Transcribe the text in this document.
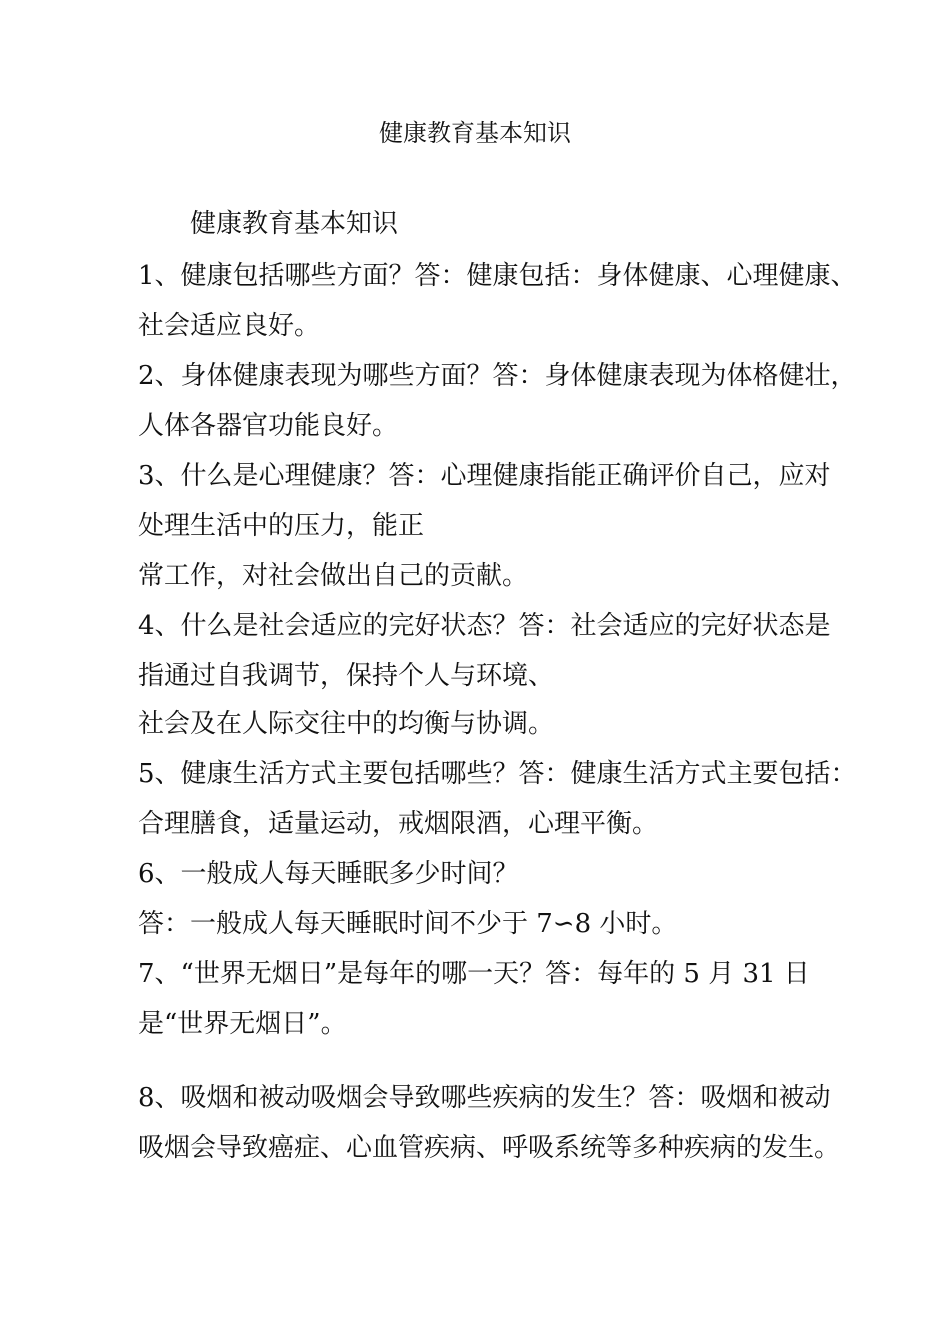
健康教育基本知识
健康教育基本知识
1、健康包括哪些方面？答：健康包括：身体健康、心理健康、
社会适应良好。
2、身体健康表现为哪些方面？答：身体健康表现为体格健壮，
人体各器官功能良好。
3、什么是心理健康？答：心理健康指能正确评价自己，应对
处理生活中的压力，能正
常工作，对社会做出自己的贡献。
4、什么是社会适应的完好状态？答：社会适应的完好状态是
指通过自我调节，保持个人与环境、
社会及在人际交往中的均衡与协调。
5、健康生活方式主要包括哪些？答：健康生活方式主要包括：
合理膳食，适量运动，戒烟限酒，心理平衡。
6、一般成人每天睡眠多少时间？
答：一般成人每天睡眠时间不少于 7∽8 小时。
7、“世界无烟日”是每年的哪一天？答：每年的 5 月 31 日
是“世界无烟日”。
8、吸烟和被动吸烟会导致哪些疾病的发生？答：吸烟和被动
吸烟会导致癌症、心血管疾病、呼吸系统等多种疾病的发生。
